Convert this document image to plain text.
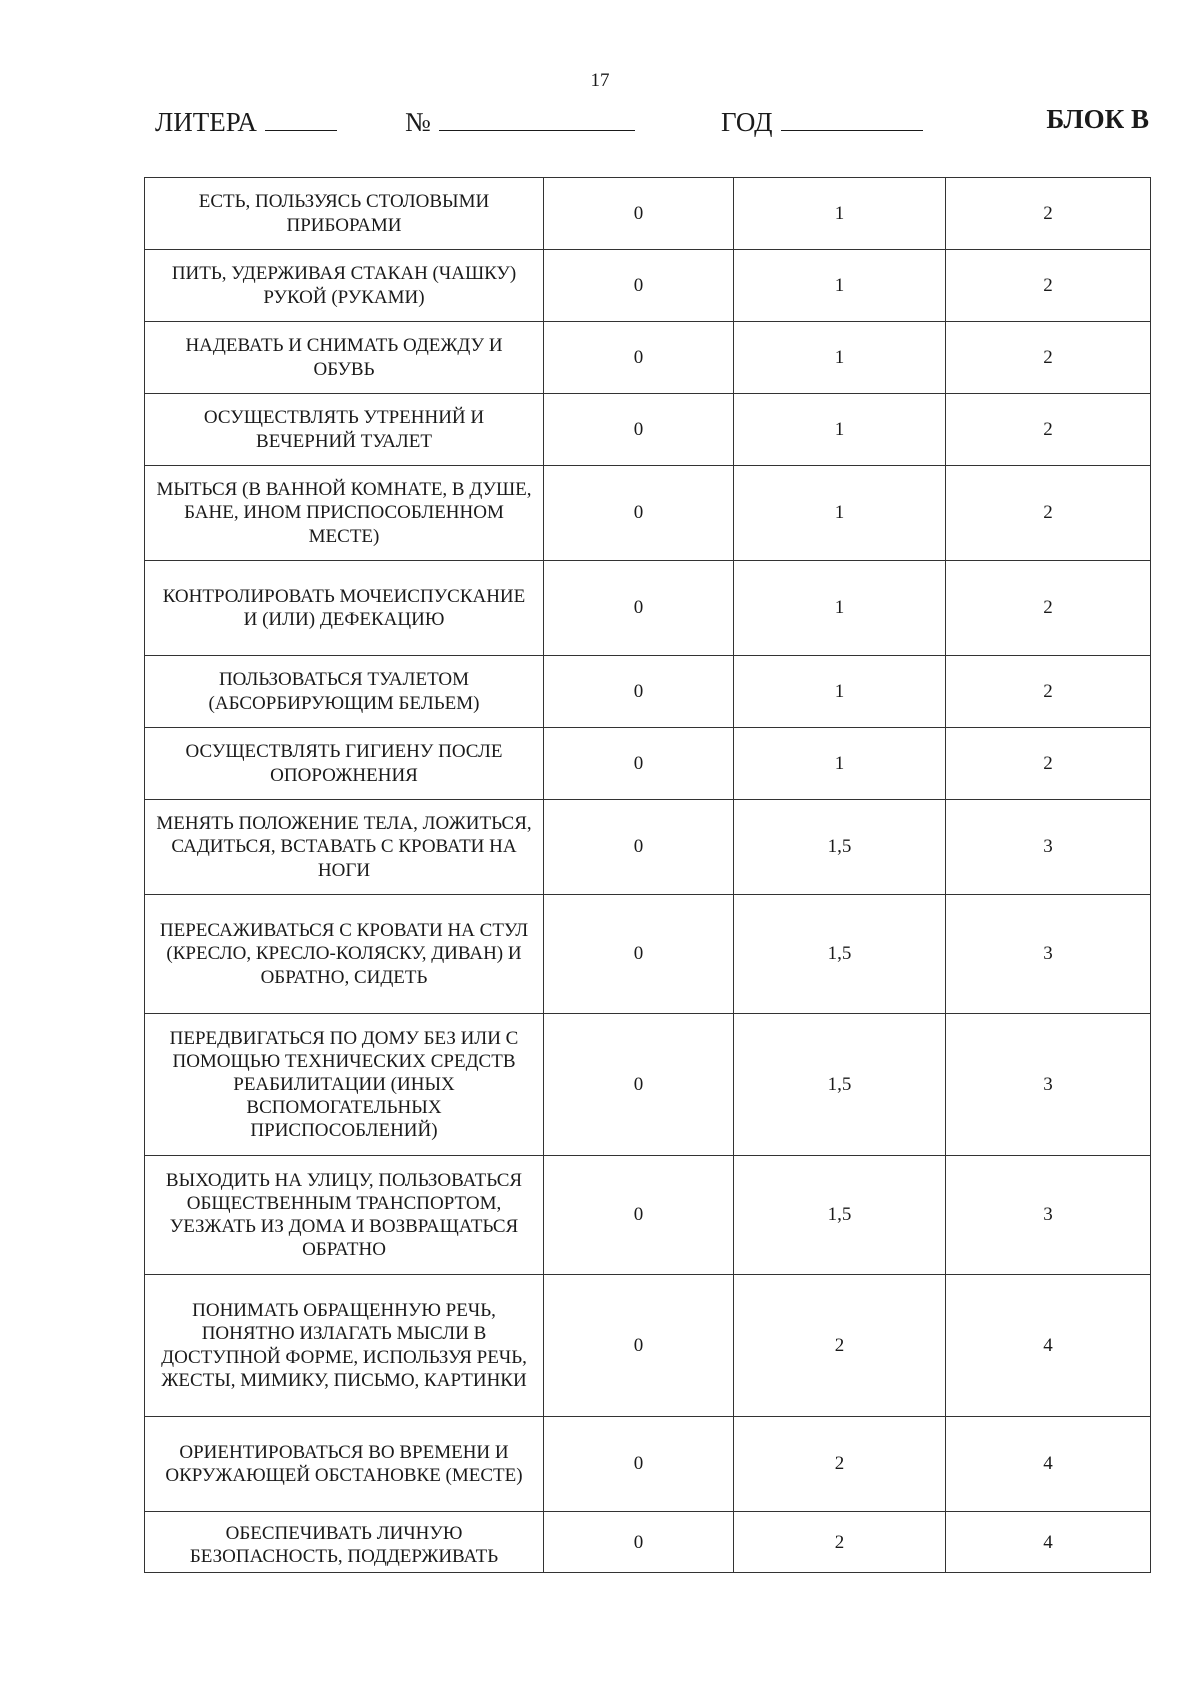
17
ЛИТЕРА	№	ГОД	БЛОК В
ЕСТЬ, ПОЛЬЗУЯСЬ СТОЛОВЫМИ ПРИБОРАМИ	0	1	2
ПИТЬ, УДЕРЖИВАЯ СТАКАН (ЧАШКУ) РУКОЙ (РУКАМИ)	0	1	2
НАДЕВАТЬ И СНИМАТЬ ОДЕЖДУ И ОБУВЬ	0	1	2
ОСУЩЕСТВЛЯТЬ УТРЕННИЙ И ВЕЧЕРНИЙ ТУАЛЕТ	0	1	2
МЫТЬСЯ (В ВАННОЙ КОМНАТЕ, В ДУШЕ, БАНЕ, ИНОМ ПРИСПОСОБЛЕННОМ МЕСТЕ)	0	1	2
КОНТРОЛИРОВАТЬ МОЧЕИСПУСКАНИЕ И (ИЛИ) ДЕФЕКАЦИЮ	0	1	2
ПОЛЬЗОВАТЬСЯ ТУАЛЕТОМ (АБСОРБИРУЮЩИМ БЕЛЬЕМ)	0	1	2
ОСУЩЕСТВЛЯТЬ ГИГИЕНУ ПОСЛЕ ОПОРОЖНЕНИЯ	0	1	2
МЕНЯТЬ ПОЛОЖЕНИЕ ТЕЛА, ЛОЖИТЬСЯ, САДИТЬСЯ, ВСТАВАТЬ С КРОВАТИ НА НОГИ	0	1,5	3
ПЕРЕСАЖИВАТЬСЯ С КРОВАТИ НА СТУЛ (КРЕСЛО, КРЕСЛО-КОЛЯСКУ, ДИВАН) И ОБРАТНО, СИДЕТЬ	0	1,5	3
ПЕРЕДВИГАТЬСЯ ПО ДОМУ БЕЗ ИЛИ С ПОМОЩЬЮ ТЕХНИЧЕСКИХ СРЕДСТВ РЕАБИЛИТАЦИИ (ИНЫХ ВСПОМОГАТЕЛЬНЫХ ПРИСПОСОБЛЕНИЙ)	0	1,5	3
ВЫХОДИТЬ НА УЛИЦУ, ПОЛЬЗОВАТЬСЯ ОБЩЕСТВЕННЫМ ТРАНСПОРТОМ, УЕЗЖАТЬ ИЗ ДОМА И ВОЗВРАЩАТЬСЯ ОБРАТНО	0	1,5	3
ПОНИМАТЬ ОБРАЩЕННУЮ РЕЧЬ, ПОНЯТНО ИЗЛАГАТЬ МЫСЛИ В ДОСТУПНОЙ ФОРМЕ, ИСПОЛЬЗУЯ РЕЧЬ, ЖЕСТЫ, МИМИКУ, ПИСЬМО, КАРТИНКИ	0	2	4
ОРИЕНТИРОВАТЬСЯ ВО ВРЕМЕНИ И ОКРУЖАЮЩЕЙ ОБСТАНОВКЕ (МЕСТЕ)	0	2	4
ОБЕСПЕЧИВАТЬ ЛИЧНУЮ БЕЗОПАСНОСТЬ, ПОДДЕРЖИВАТЬ	0	2	4
